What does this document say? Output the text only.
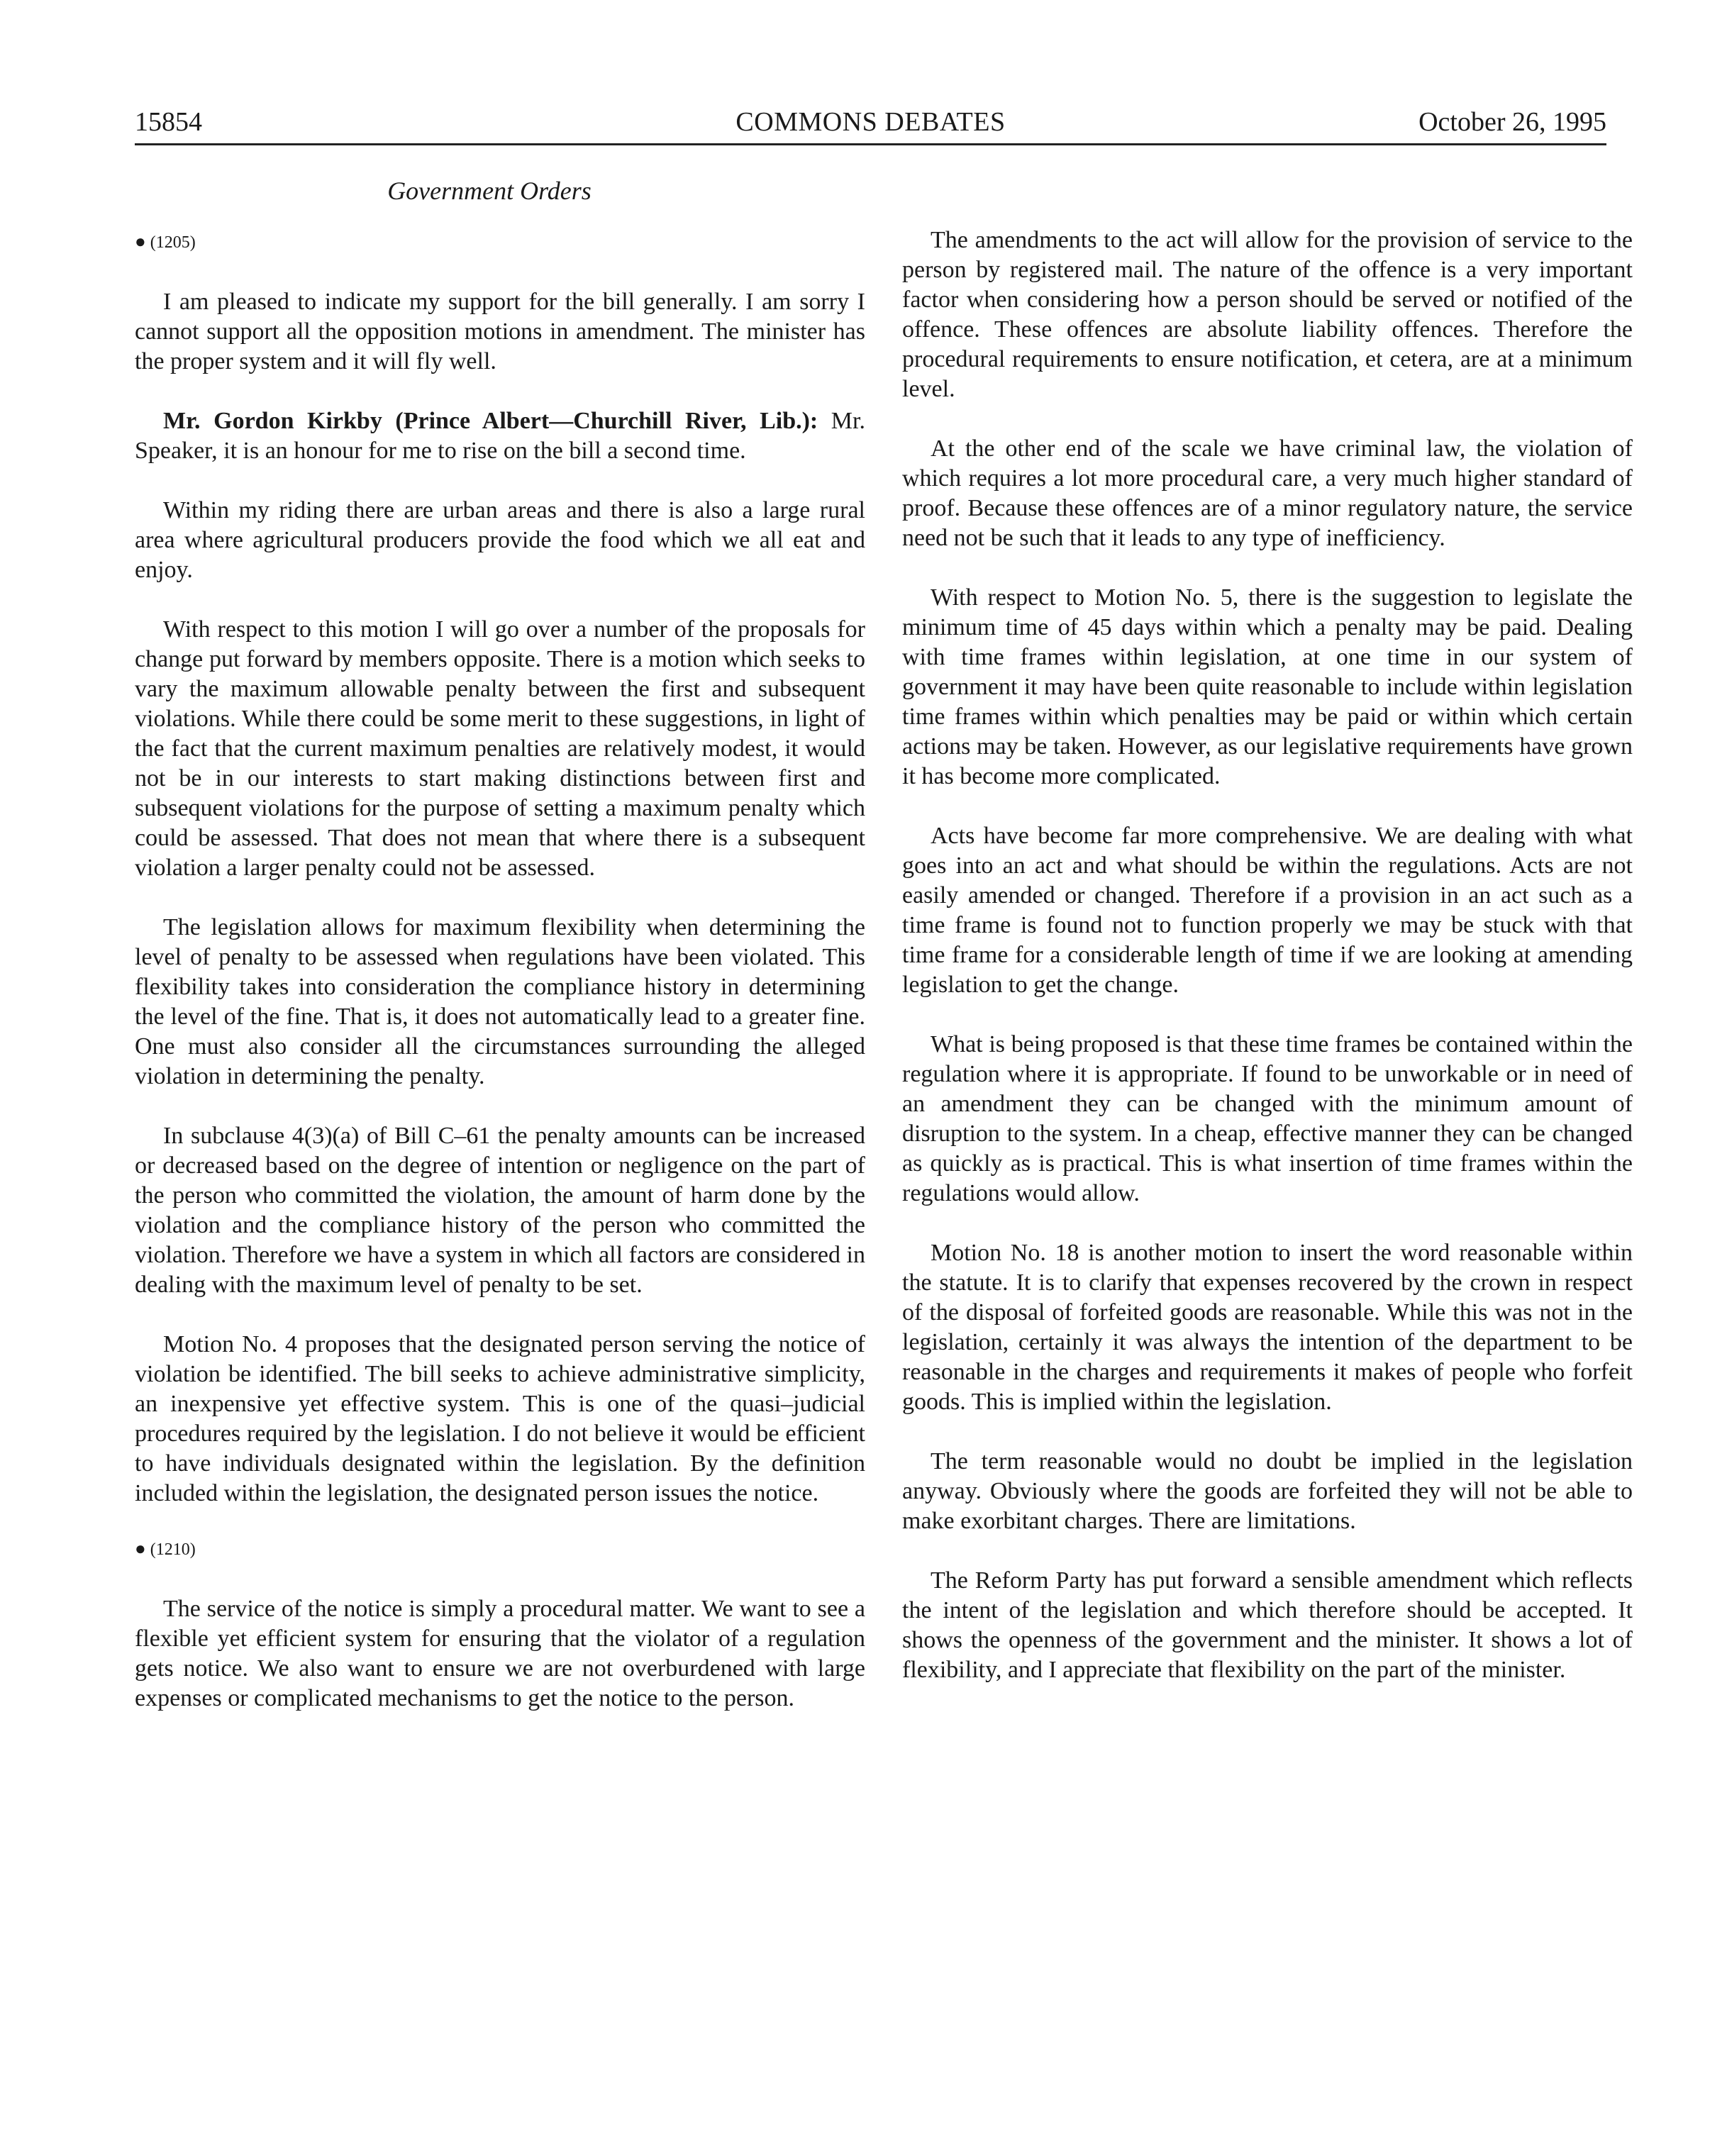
15854	COMMONS DEBATES	October 26, 1995
Government Orders
● (1205)

I am pleased to indicate my support for the bill generally. I am sorry I cannot support all the opposition motions in amendment. The minister has the proper system and it will fly well.

Mr. Gordon Kirkby (Prince Albert—Churchill River, Lib.): Mr. Speaker, it is an honour for me to rise on the bill a second time.

Within my riding there are urban areas and there is also a large rural area where agricultural producers provide the food which we all eat and enjoy.

With respect to this motion I will go over a number of the proposals for change put forward by members opposite. There is a motion which seeks to vary the maximum allowable penalty between the first and subsequent violations. While there could be some merit to these suggestions, in light of the fact that the current maximum penalties are relatively modest, it would not be in our interests to start making distinctions between first and subsequent violations for the purpose of setting a maximum penalty which could be assessed. That does not mean that where there is a subsequent violation a larger penalty could not be assessed.

The legislation allows for maximum flexibility when determining the level of penalty to be assessed when regulations have been violated. This flexibility takes into consideration the compliance history in determining the level of the fine. That is, it does not automatically lead to a greater fine. One must also consider all the circumstances surrounding the alleged violation in determining the penalty.

In subclause 4(3)(a) of Bill C–61 the penalty amounts can be increased or decreased based on the degree of intention or negligence on the part of the person who committed the violation, the amount of harm done by the violation and the compliance history of the person who committed the violation. Therefore we have a system in which all factors are considered in dealing with the maximum level of penalty to be set.

Motion No. 4 proposes that the designated person serving the notice of violation be identified. The bill seeks to achieve administrative simplicity, an inexpensive yet effective system. This is one of the quasi–judicial procedures required by the legislation. I do not believe it would be efficient to have individuals designated within the legislation. By the definition included within the legislation, the designated person issues the notice.

● (1210)

The service of the notice is simply a procedural matter. We want to see a flexible yet efficient system for ensuring that the violator of a regulation gets notice. We also want to ensure we are not overburdened with large expenses or complicated mechanisms to get the notice to the person.

The amendments to the act will allow for the provision of service to the person by registered mail. The nature of the offence is a very important factor when considering how a person should be served or notified of the offence. These offences are absolute liability offences. Therefore the procedural requirements to ensure notification, et cetera, are at a minimum level.

At the other end of the scale we have criminal law, the violation of which requires a lot more procedural care, a very much higher standard of proof. Because these offences are of a minor regulatory nature, the service need not be such that it leads to any type of inefficiency.

With respect to Motion No. 5, there is the suggestion to legislate the minimum time of 45 days within which a penalty may be paid. Dealing with time frames within legislation, at one time in our system of government it may have been quite reasonable to include within legislation time frames within which penalties may be paid or within which certain actions may be taken. However, as our legislative requirements have grown it has become more complicated.

Acts have become far more comprehensive. We are dealing with what goes into an act and what should be within the regulations. Acts are not easily amended or changed. Therefore if a provision in an act such as a time frame is found not to function properly we may be stuck with that time frame for a considerable length of time if we are looking at amending legislation to get the change.

What is being proposed is that these time frames be contained within the regulation where it is appropriate. If found to be unworkable or in need of an amendment they can be changed with the minimum amount of disruption to the system. In a cheap, effective manner they can be changed as quickly as is practical. This is what insertion of time frames within the regulations would allow.

Motion No. 18 is another motion to insert the word reasonable within the statute. It is to clarify that expenses recovered by the crown in respect of the disposal of forfeited goods are reasonable. While this was not in the legislation, certainly it was always the intention of the department to be reasonable in the charges and requirements it makes of people who forfeit goods. This is implied within the legislation.

The term reasonable would no doubt be implied in the legislation anyway. Obviously where the goods are forfeited they will not be able to make exorbitant charges. There are limitations.

The Reform Party has put forward a sensible amendment which reflects the intent of the legislation and which therefore should be accepted. It shows the openness of the government and the minister. It shows a lot of flexibility, and I appreciate that flexibility on the part of the minister.
